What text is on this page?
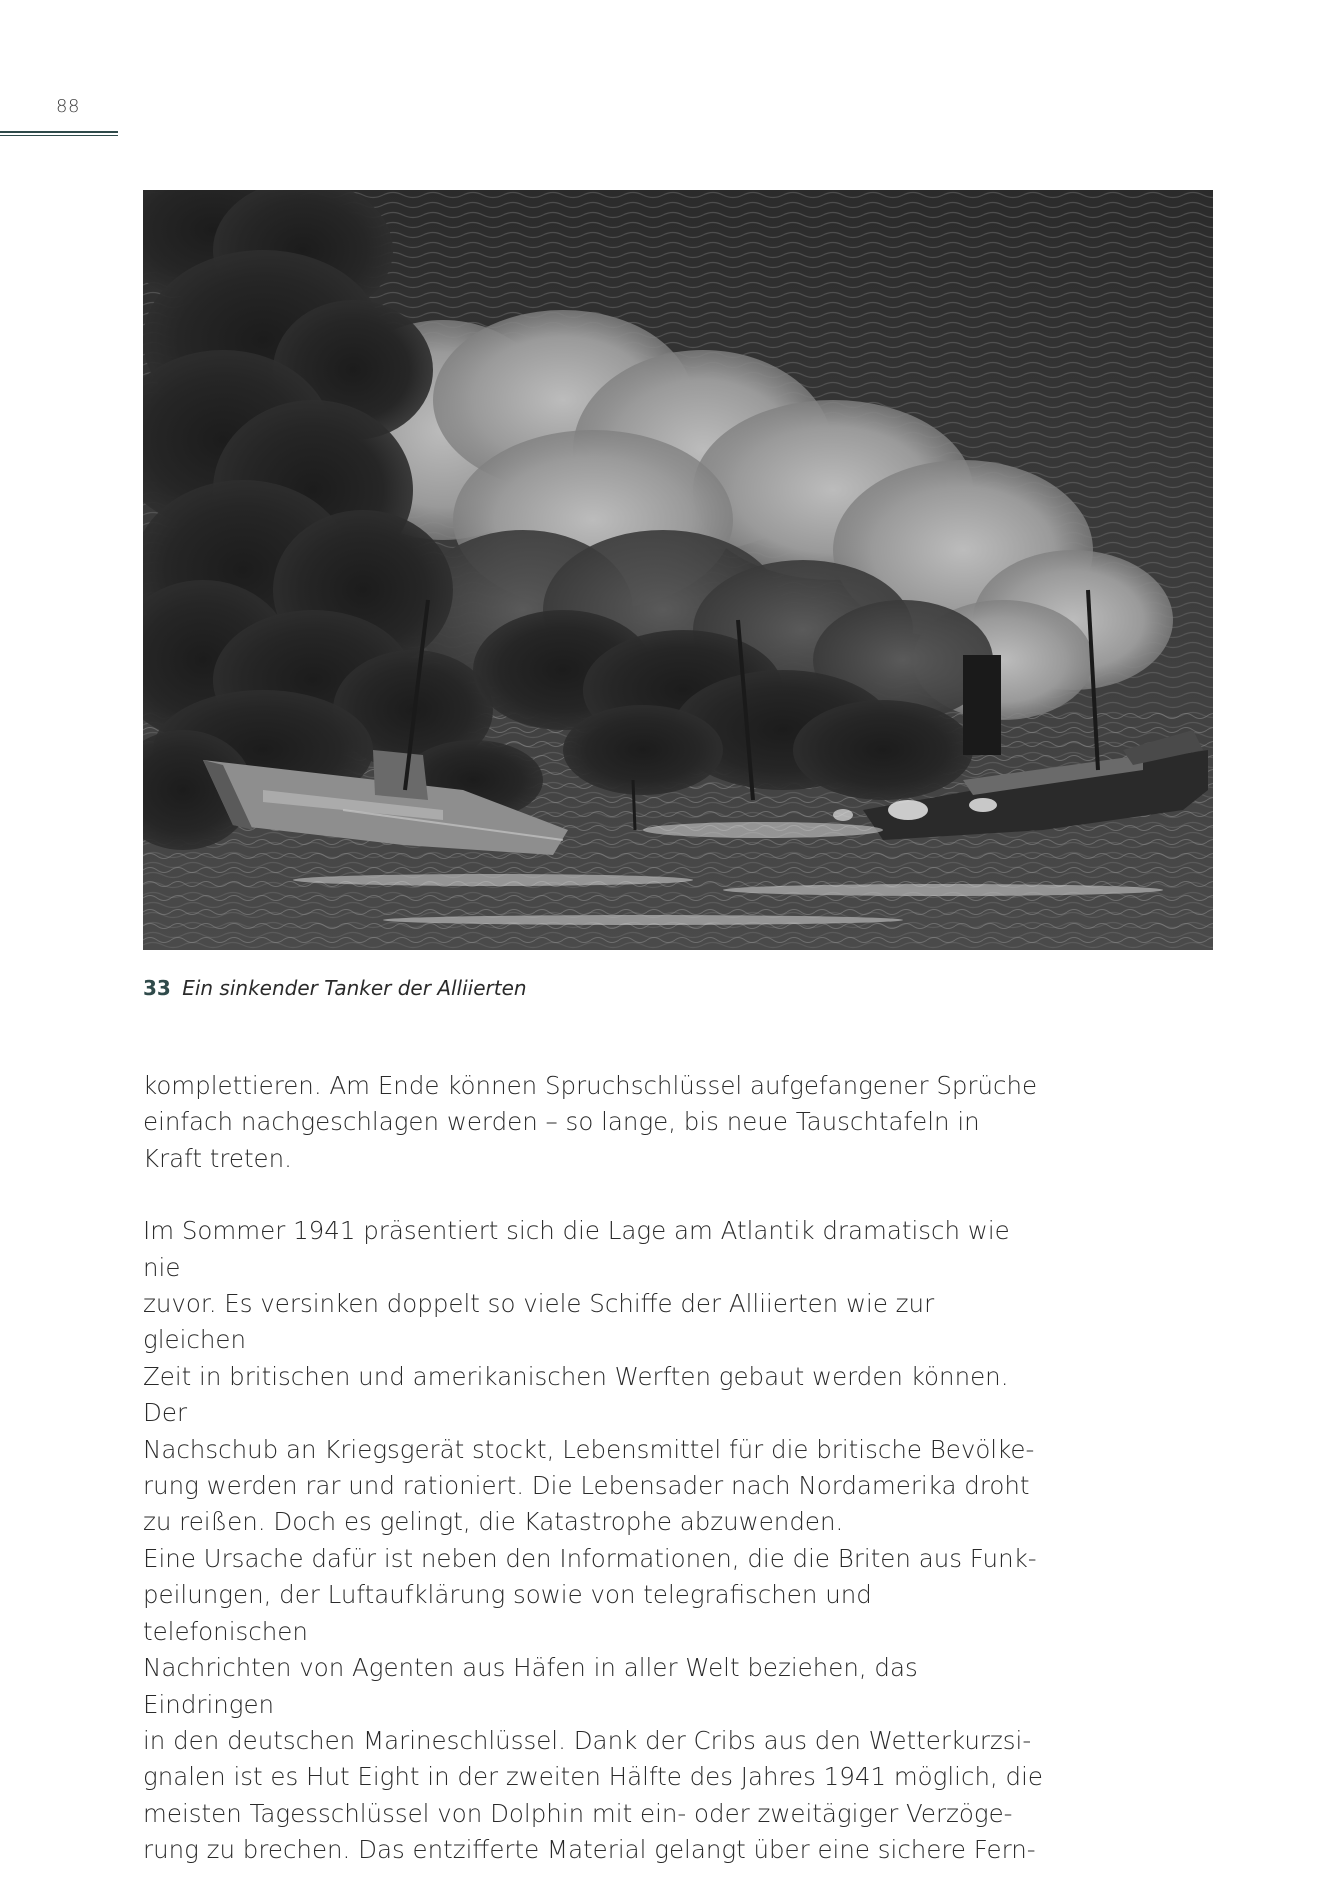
88
33 Ein sinkender Tanker der Alliierten

komplettieren. Am Ende können Spruchschlüssel aufgefangener Sprüche
einfach nachgeschlagen werden – so lange, bis neue Tauschtafeln in
Kraft treten.

Im Sommer 1941 präsentiert sich die Lage am Atlantik dramatisch wie nie
zuvor. Es versinken doppelt so viele Schiffe der Alliierten wie zur gleichen
Zeit in britischen und amerikanischen Werften gebaut werden können. Der
Nachschub an Kriegsgerät stockt, Lebensmittel für die britische Bevölke-
rung werden rar und rationiert. Die Lebensader nach Nordamerika droht
zu reißen. Doch es gelingt, die Katastrophe abzuwenden.

Eine Ursache dafür ist neben den Informationen, die die Briten aus Funk-
peilungen, der Luftaufklärung sowie von telegrafischen und telefonischen
Nachrichten von Agenten aus Häfen in aller Welt beziehen, das Eindringen
in den deutschen Marineschlüssel. Dank der Cribs aus den Wetterkurzsi-
gnalen ist es Hut Eight in der zweiten Hälfte des Jahres 1941 möglich, die
meisten Tagesschlüssel von Dolphin mit ein- oder zweitägiger Verzöge-
rung zu brechen. Das entzifferte Material gelangt über eine sichere Fern-
